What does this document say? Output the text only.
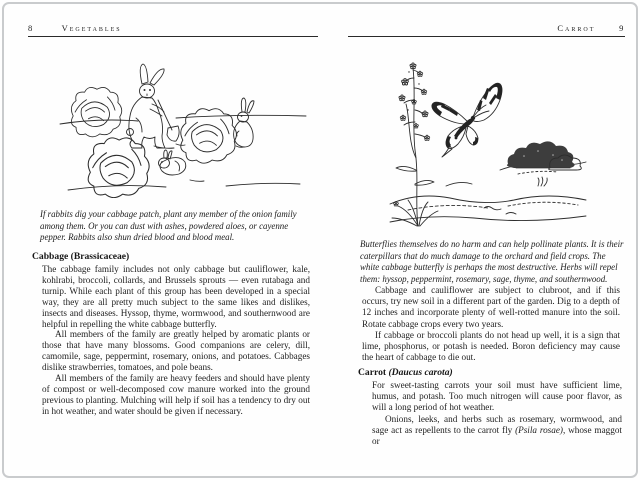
8	Vegetables

If rabbits dig your cabbage patch, plant any member of the onion family among them. Or you can dust with ashes, powdered aloes, or cayenne pepper. Rabbits also shun dried blood and blood meal.

Cabbage (Brassicaceae)

The cabbage family includes not only cabbage but cauliflower, kale, kohlrabi, broccoli, collards, and Brussels sprouts — even rutabaga and turnip. While each plant of this group has been developed in a special way, they are all pretty much subject to the same likes and dislikes, insects and diseases. Hyssop, thyme, wormwood, and southernwood are helpful in repelling the white cabbage butterfly.

All members of the family are greatly helped by aromatic plants or those that have many blossoms. Good companions are celery, dill, camomile, sage, peppermint, rosemary, onions, and potatoes. Cabbages dislike strawberries, tomatoes, and pole beans.

All members of the family are heavy feeders and should have plenty of compost or well-decomposed cow manure worked into the ground previous to planting. Mulching will help if soil has a tendency to dry out in hot weather, and water should be given if necessary.

Carrot	9

Butterflies themselves do no harm and can help pollinate plants. It is their caterpillars that do much damage to the orchard and field crops. The white cabbage butterfly is perhaps the most destructive. Herbs will repel them: hyssop, peppermint, rosemary, sage, thyme, and southernwood.

Cabbage and cauliflower are subject to clubroot, and if this occurs, try new soil in a different part of the garden. Dig to a depth of 12 inches and incorporate plenty of well-rotted manure into the soil. Rotate cabbage crops every two years.

If cabbage or broccoli plants do not head up well, it is a sign that lime, phosphorus, or potash is needed. Boron deficiency may cause the heart of cabbage to die out.

Carrot (Daucus carota)

For sweet-tasting carrots your soil must have sufficient lime, humus, and potash. Too much nitrogen will cause poor flavor, as will a long period of hot weather.

Onions, leeks, and herbs such as rosemary, wormwood, and sage act as repellents to the carrot fly (Psila rosae), whose maggot or
